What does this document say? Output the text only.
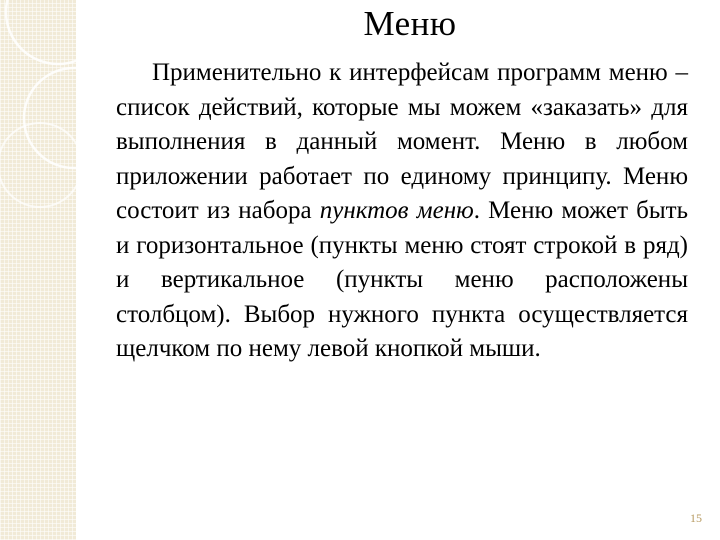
Меню

Применительно к интерфейсам программ меню – список действий, которые мы можем «заказать» для выполнения в данный момент. Меню в любом приложении работает по единому принципу. Меню состоит из набора пунктов меню. Меню может быть и горизонтальное (пункты меню стоят строкой в ряд) и вертикальное (пункты меню расположены столбцом). Выбор нужного пункта осуществляется щелчком по нему левой кнопкой мыши.

15
